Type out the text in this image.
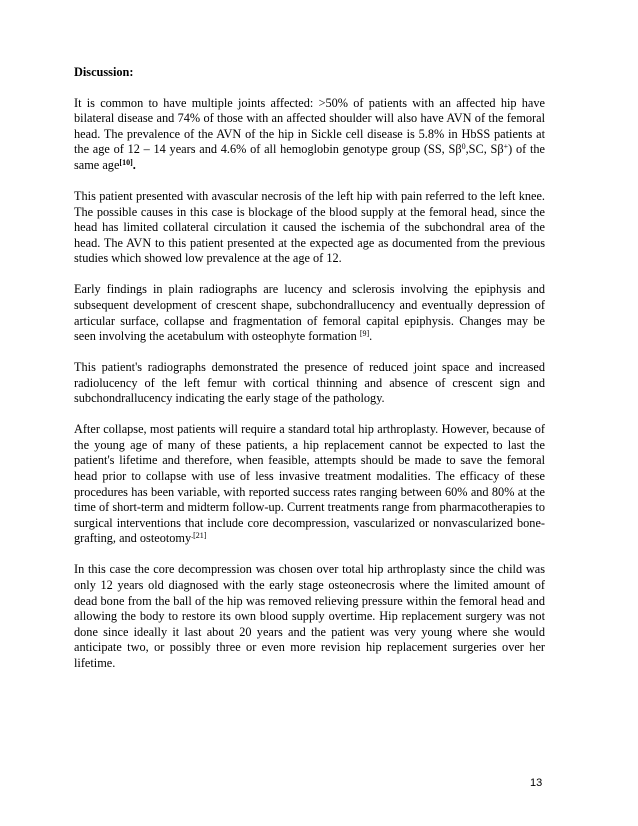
Discussion:

It is common to have multiple joints affected: >50% of patients with an affected hip have bilateral disease and 74% of those with an affected shoulder will also have AVN of the femoral head. The prevalence of the AVN of the hip in Sickle cell disease is 5.8% in HbSS patients at the age of 12 – 14 years and 4.6% of all hemoglobin genotype group (SS, $S\beta^0,SC$, Sβ+) of the same age[10].

This patient presented with avascular necrosis of the left hip with pain referred to the left knee. The possible causes in this case is blockage of the blood supply at the femoral head, since the head has limited collateral circulation it caused the ischemia of the subchondral area of the head. The AVN to this patient presented at the expected age as documented from the previous studies which showed low prevalence at the age of 12.

Early findings in plain radiographs are lucency and sclerosis involving the epiphysis and subsequent development of crescent shape, subchondrallucency and eventually depression of articular surface, collapse and fragmentation of femoral capital epiphysis. Changes may be seen involving the acetabulum with osteophyte formation [9].

This patient's radiographs demonstrated the presence of reduced joint space and increased radiolucency of the left femur with cortical thinning and absence of crescent sign and subchondrallucency indicating the early stage of the pathology.

After collapse, most patients will require a standard total hip arthroplasty. However, because of the young age of many of these patients, a hip replacement cannot be expected to last the patient's lifetime and therefore, when feasible, attempts should be made to save the femoral head prior to collapse with use of less invasive treatment modalities. The efficacy of these procedures has been variable, with reported success rates ranging between 60% and 80% at the time of short-term and midterm follow-up. Current treatments range from pharmacotherapies to surgical interventions that include core decompression, vascularized or nonvascularized bone-grafting, and osteotomy$^{.[21]}$

In this case the core decompression was chosen over total hip arthroplasty since the child was only 12 years old diagnosed with the early stage osteonecrosis where the limited amount of dead bone from the ball of the hip was removed relieving pressure within the femoral head and allowing the body to restore its own blood supply overtime. Hip replacement surgery was not done since ideally it last about 20 years and the patient was very young where she would anticipate two, or possibly three or even more revision hip replacement surgeries over her lifetime.

13
